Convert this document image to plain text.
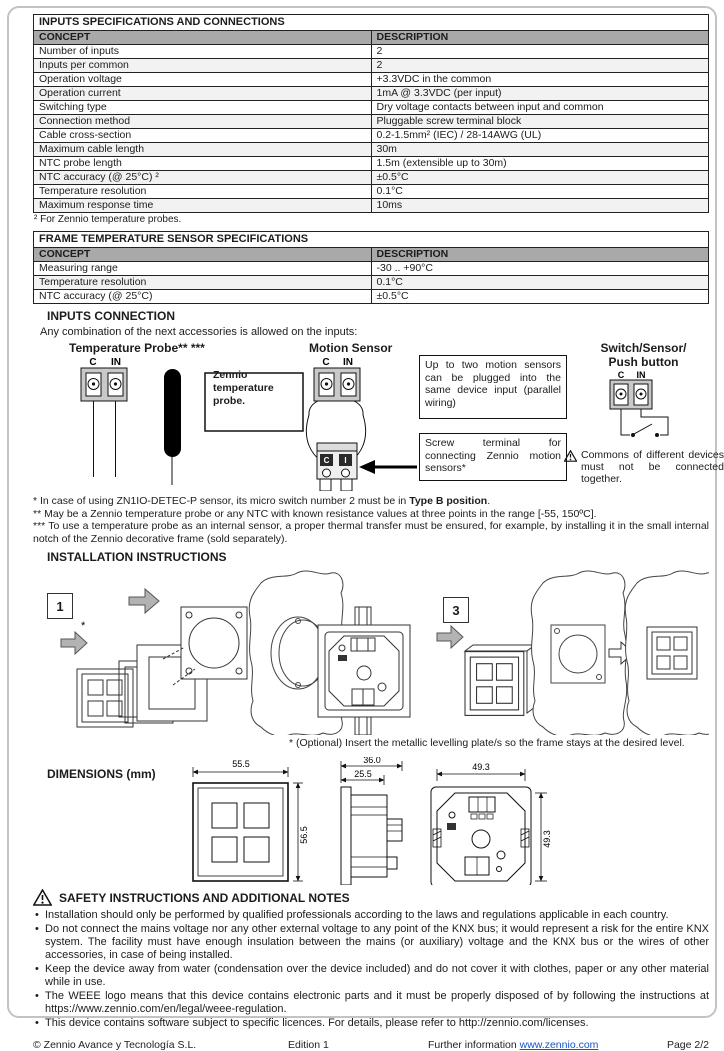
INPUTS SPECIFICATIONS AND CONNECTIONS	
CONCEPT	DESCRIPTION
Number of inputs	2
Inputs per common	2
Operation voltage	+3.3VDC in the common
Operation current	1mA @ 3.3VDC (per input)
Switching type	Dry voltage contacts between input and common
Connection method	Pluggable screw terminal block
Cable cross-section	0.2-1.5mm² (IEC) / 28-14AWG (UL)
Maximum cable length	30m
NTC probe length	1.5m (extensible up to 30m)
NTC accuracy (@ 25°C) ²	±0.5°C
Temperature resolution	0.1°C
Maximum response time	10ms
² For Zennio temperature probes.
FRAME TEMPERATURE SENSOR SPECIFICATIONS	
CONCEPT	DESCRIPTION
Measuring range	-30 .. +90°C
Temperature resolution	0.1°C
NTC accuracy (@ 25°C)	±0.5°C
INPUTS CONNECTION
Any combination of the next accessories is allowed on the inputs:
Temperature Probe** ***
C IN
Zennio temperature probe.
Motion Sensor
C IN
C I
Up to two motion sensors can be plugged into the same device input (parallel wiring)
Screw terminal for connecting Zennio motion sensors*
Switch/Sensor/
Push button
C IN
Commons of different devices must not be connected together.
* In case of using ZN1IO-DETEC-P sensor, its micro switch number 2 must be in Type B position.
** May be a Zennio temperature probe or any NTC with known resistance values at three points in the range [-55, 150ºC].
*** To use a temperature probe as an internal sensor, a proper thermal transfer must be ensured, for example, by installing it in the small internal notch of the Zennio decorative frame (sold separately).
INSTALLATION INSTRUCTIONS
1	3
*
* (Optional) Insert the metallic levelling plate/s so the frame stays at the desired level.
DIMENSIONS (mm)
55.5
56.5
36.0
25.5
49.3
49.3
SAFETY INSTRUCTIONS AND ADDITIONAL NOTES
• Installation should only be performed by qualified professionals according to the laws and regulations applicable in each country.
• Do not connect the mains voltage nor any other external voltage to any point of the KNX bus; it would represent a risk for the entire KNX system. The facility must have enough insulation between the mains (or auxiliary) voltage and the KNX bus or the wires of other accessories, in case of being installed.
• Keep the device away from water (condensation over the device included) and do not cover it with clothes, paper or any other material while in use.
• The WEEE logo means that this device contains electronic parts and it must be properly disposed of by following the instructions at https://www.zennio.com/en/legal/weee-regulation.
• This device contains software subject to specific licences. For details, please refer to http://zennio.com/licenses.
© Zennio Avance y Tecnología S.L.	Edition 1	Further information www.zennio.com	Page 2/2
